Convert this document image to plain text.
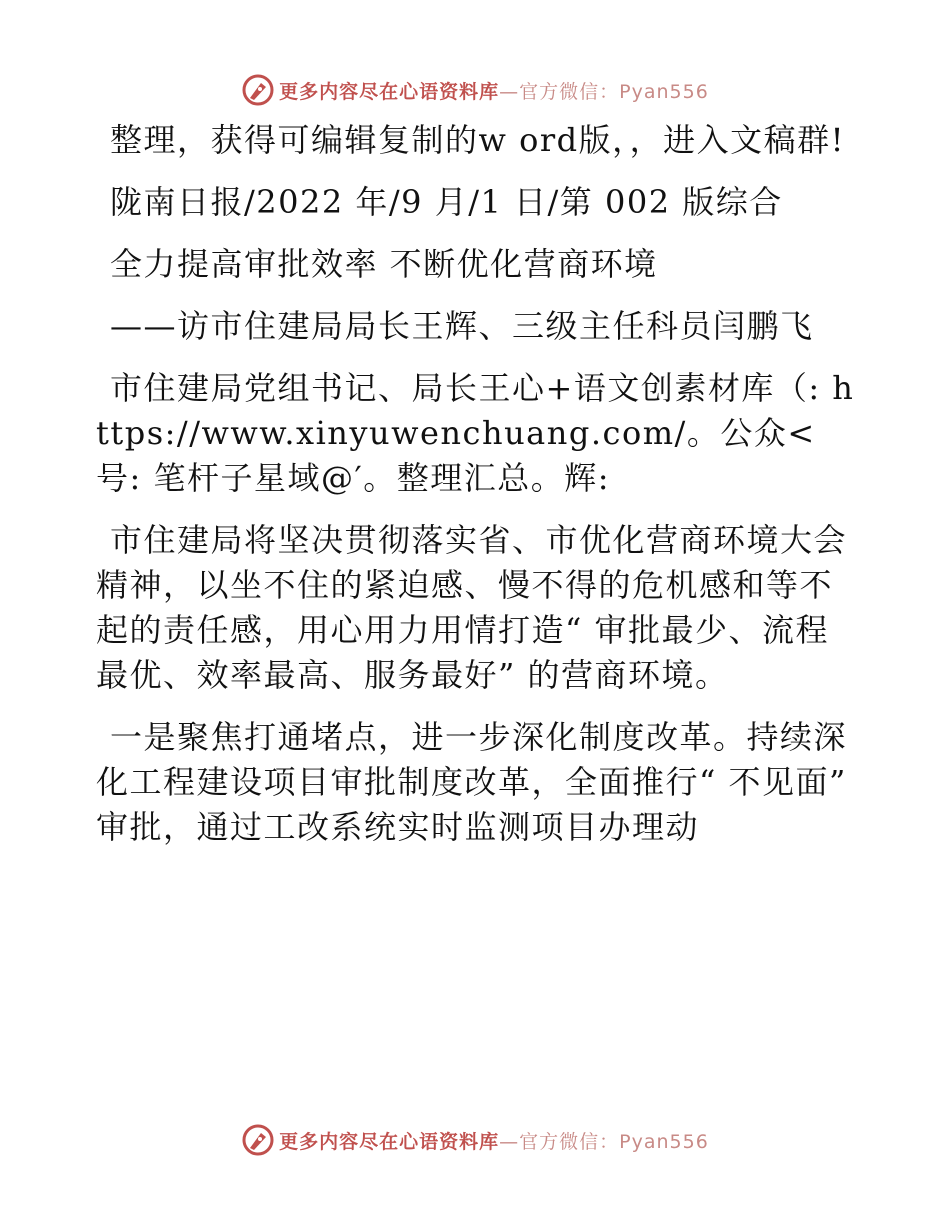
更多内容尽在心语资料库—官方微信：Pyan556

整理，获得可编辑复制的w ord版，，进入文稿群!

陇南日报/2022 年/9 月/1 日/第 002 版综合

全力提高审批效率 不断优化营商环境

——访市住建局局长王辉、三级主任科员闫鹏飞

市住建局党组书记、局长王心+语文创素材库（: https://www.xinyuwenchuang.com/。公众<号: 笔杆子星域@′。整理汇总。辉:

市住建局将坚决贯彻落实省、市优化营商环境大会精神，以坐不住的紧迫感、慢不得的危机感和等不起的责任感，用心用力用情打造“ 审批最少、流程最优、效率最高、服务最好” 的营商环境。

一是聚焦打通堵点，进一步深化制度改革。持续深化工程建设项目审批制度改革，全面推行“ 不见面” 审批，通过工改系统实时监测项目办理动

更多内容尽在心语资料库—官方微信：Pyan556
